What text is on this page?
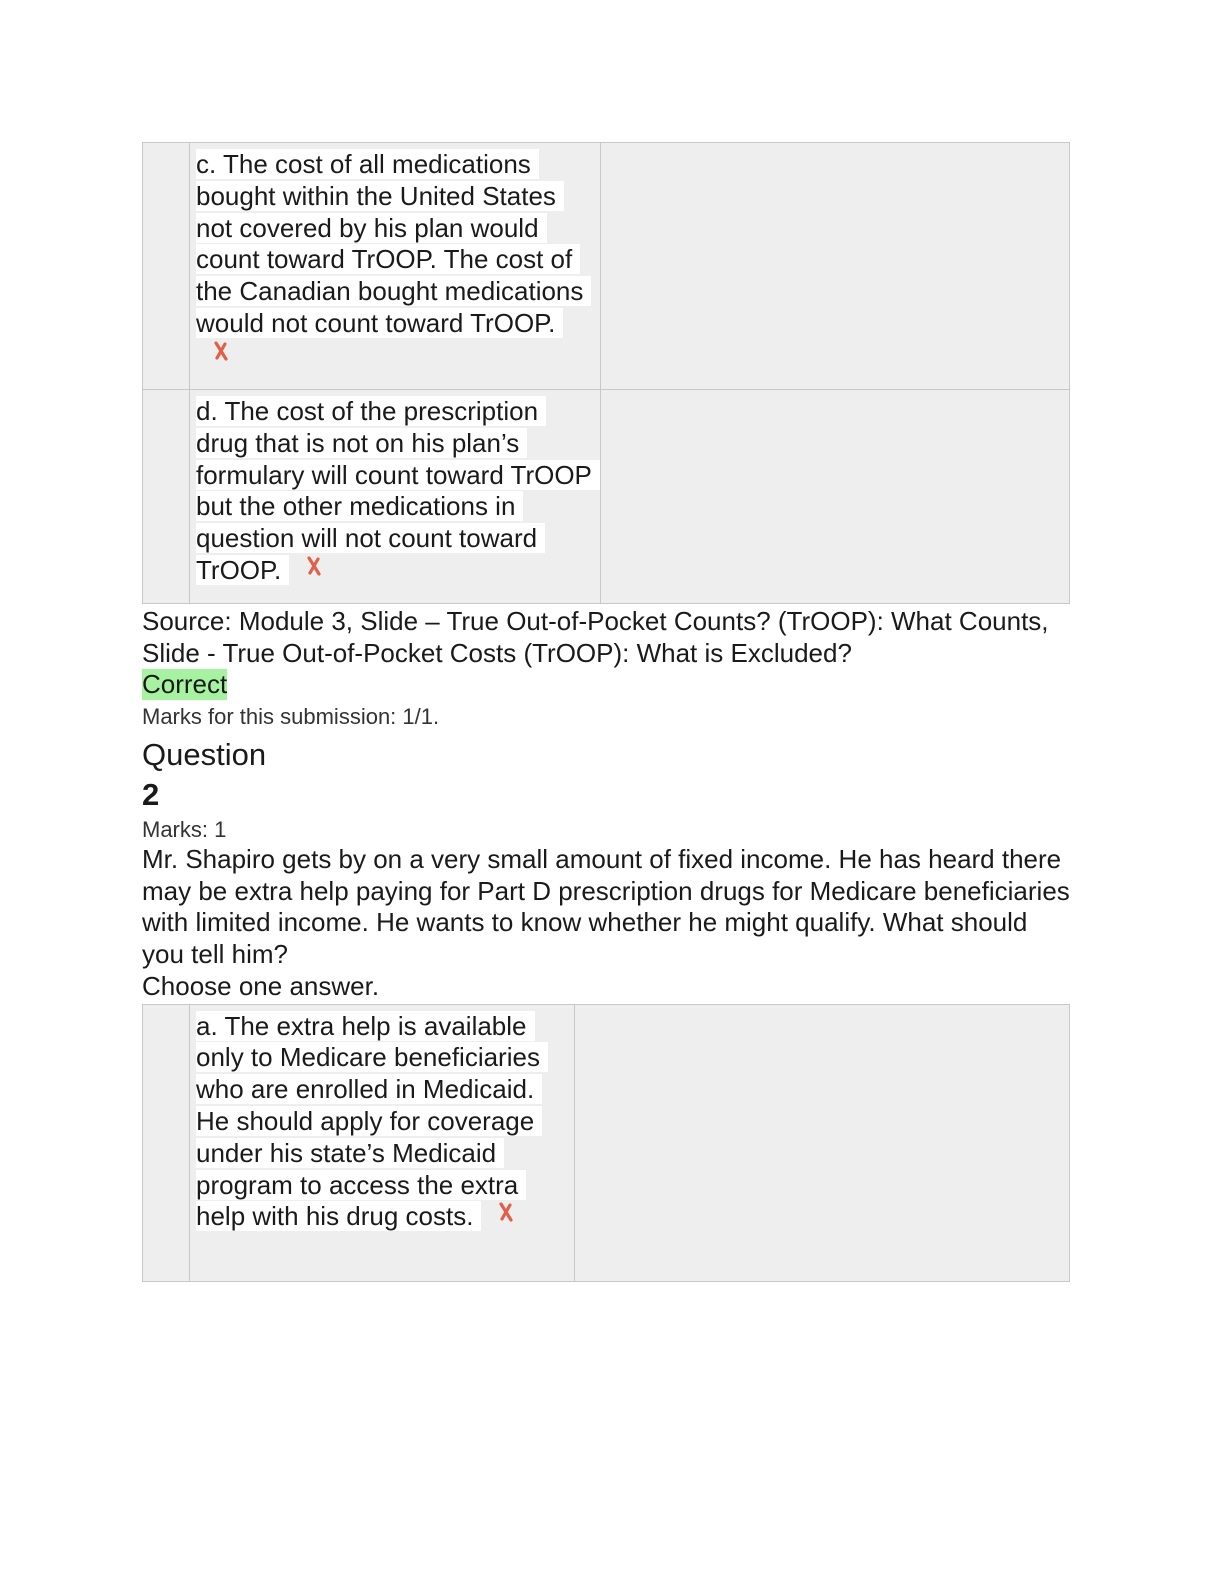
	c. The cost of all medications bought within the United States not covered by his plan would count toward TrOOP. The cost of the Canadian bought medications would not count toward TrOOP.	
	d. The cost of the prescription drug that is not on his plan’s formulary will count toward TrOOP but the other medications in question will not count toward TrOOP.	
Source: Module 3, Slide – True Out-of-Pocket Counts? (TrOOP): What Counts, Slide - True Out-of-Pocket Costs (TrOOP): What is Excluded?
Correct
Marks for this submission: 1/1.
Question
2
Marks: 1
Mr. Shapiro gets by on a very small amount of fixed income. He has heard there may be extra help paying for Part D prescription drugs for Medicare beneficiaries with limited income. He wants to know whether he might qualify. What should you tell him?
Choose one answer.
	a. The extra help is available only to Medicare beneficiaries who are enrolled in Medicaid. He should apply for coverage under his state’s Medicaid program to access the extra help with his drug costs.	
